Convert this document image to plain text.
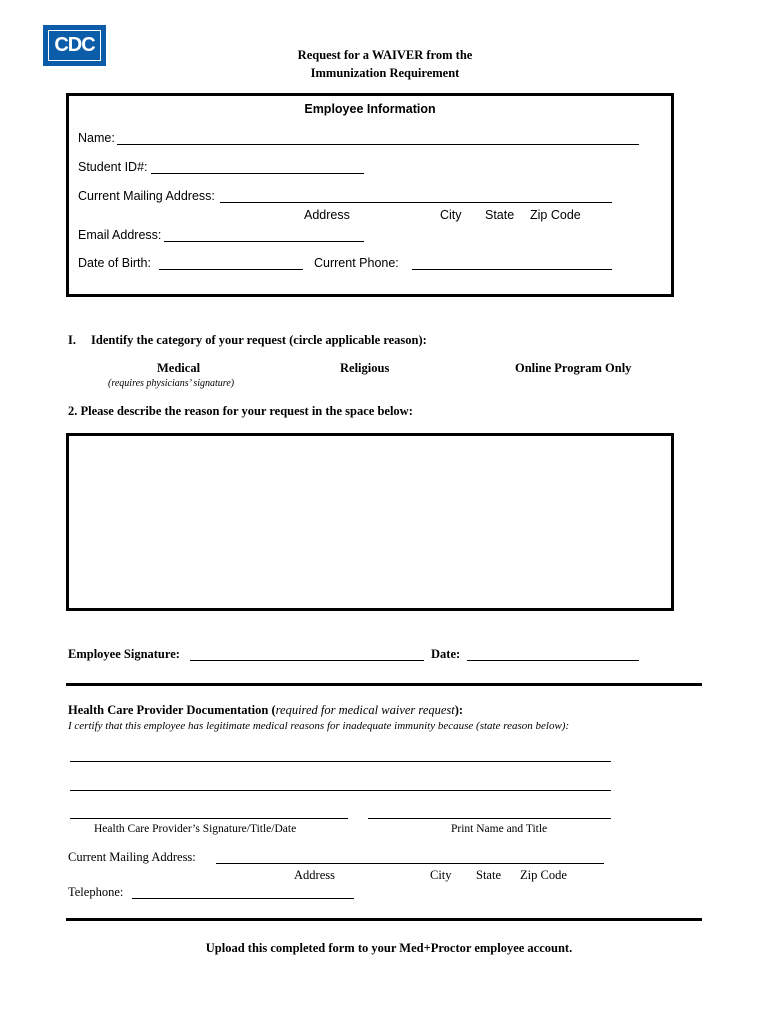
CDC	Request for a WAIVER from the
Immunization Requirement
Employee Information
Name:
Student ID#:
Current Mailing Address:
Address	City State Zip Code
Email Address:
Date of Birth:	Current Phone:
I. Identify the category of your request (circle applicable reason):
Medical	Religious	Online Program Only
(requires physicians’ signature)
2. Please describe the reason for your request in the space below:
Employee Signature:	Date:
Health Care Provider Documentation (required for medical waiver request):
I certify that this employee has legitimate medical reasons for inadequate immunity because (state reason below):
Health Care Provider’s Signature/Title/Date	Print Name and Title
Current Mailing Address:
Address	City State Zip Code
Telephone:
Upload this completed form to your Med+Proctor employee account.
